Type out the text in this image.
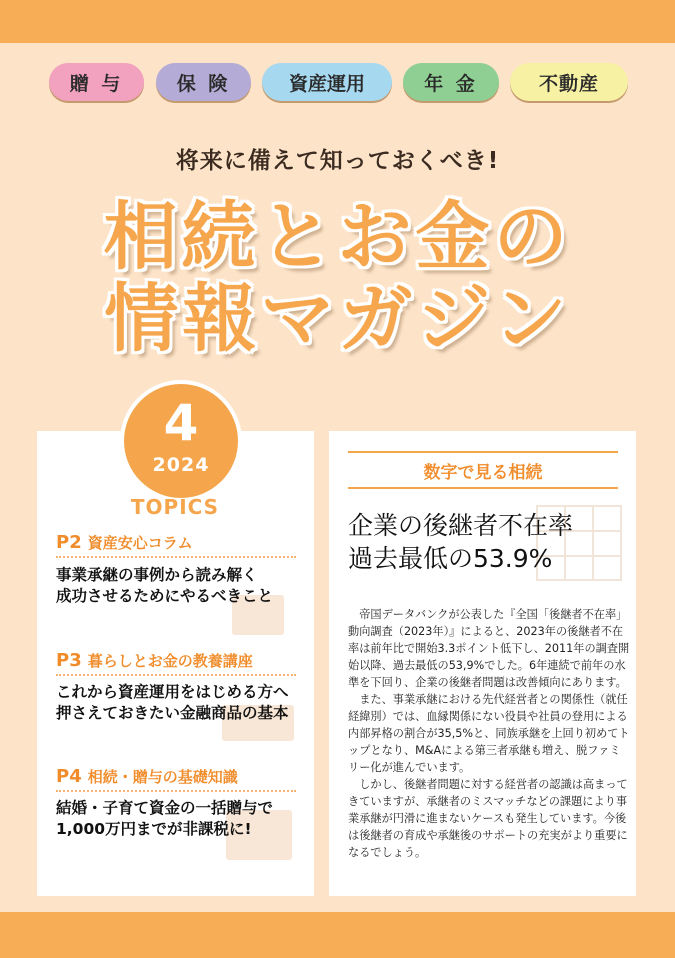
贈 与	保 険	資産運用	年 金	不動産
将来に備えて知っておくべき!
相続とお金の
情報マガジン
4
2024
TOPICS
P2 資産安心コラム
事業承継の事例から読み解く
成功させるためにやるべきこと
P3 暮らしとお金の教養講座
これから資産運用をはじめる方へ
押さえておきたい金融商品の基本
P4 相続・贈与の基礎知識
結婚・子育て資金の一括贈与で
1,000万円までが非課税に!
数字で見る相続
企業の後継者不在率
過去最低の53.9%

帝国データバンクが公表した『全国「後継者不在率」動向調査（2023年）』によると、2023年の後継者不在率は前年比で開始3.3ポイント低下し、2011年の調査開始以降、過去最低の53,9%でした。6年連続で前年の水準を下回り、企業の後継者問題は改善傾向にあります。

また、事業承継における先代経営者との関係性（就任経緯別）では、血縁関係にない役員や社員の登用による内部昇格の割合が35,5%と、同族承継を上回り初めてトップとなり、M&Aによる第三者承継も増え、脱ファミリー化が進んでいます。

しかし、後継者問題に対する経営者の認識は高まってきていますが、承継者のミスマッチなどの課題により事業承継が円滑に進まないケースも発生しています。今後は後継者の育成や承継後のサポートの充実がより重要になるでしょう。
